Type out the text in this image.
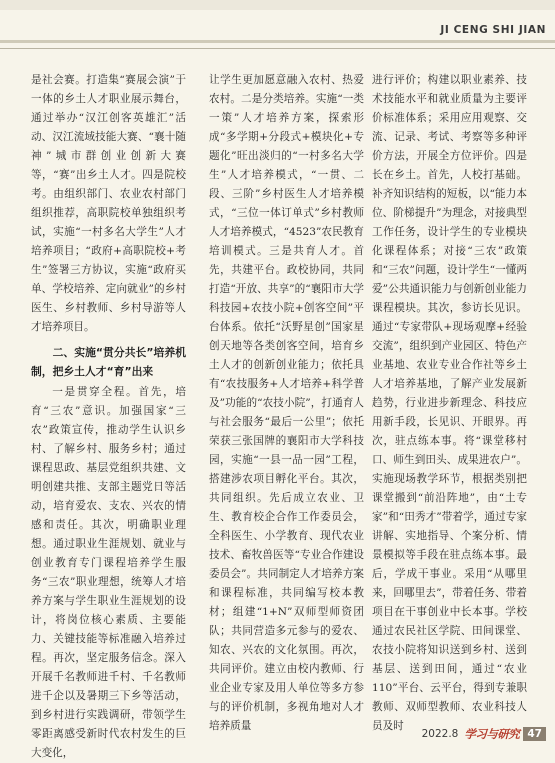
JI CENG SHI JIAN

是社会赛。打造集“赛展会演”于一体的乡土人才职业展示舞台，通过举办“汉江创客英雄汇”活动、汉江流域技能大赛、“襄十随神”城市群创业创新大赛等，“赛”出乡土人才。四是院校考。由组织部门、农业农村部门组织推荐，高职院校单独组织考试，实施“一村多名大学生”人才培养项目；“政府+高职院校+考生”签署三方协议，实施“政府买单、学校培养、定向就业”的乡村医生、乡村教师、乡村导游等人才培养项目。

二、实施“贯分共长”培养机制，把乡土人才“育”出来

一是贯穿全程。首先，培育“三农”意识。加强国家“三农”政策宣传，推动学生认识乡村、了解乡村、服务乡村；通过课程思政、基层党组织共建、文明创建共推、支部主题党日等活动，培育爱农、支农、兴农的情感和责任。其次，明确职业理想。通过职业生涯规划、就业与创业教育专门课程培养学生服务“三农”职业理想，统筹人才培养方案与学生职业生涯规划的设计，将岗位核心素质、主要能力、关键技能等标准融入培养过程。再次，坚定服务信念。深入开展千名教师进千村、千名教师进千企以及暑期三下乡等活动，到乡村进行实践调研，带领学生零距离感受新时代农村发生的巨大变化，

让学生更加愿意融入农村、热爱农村。二是分类培养。实施“一类一策”人才培养方案，探索形成“多学期+分段式+模块化+专题化”旺出淡归的“一村多名大学生”人才培养模式，“一贯、二段、三阶”乡村医生人才培养模式，“三位一体订单式”乡村教师人才培养模式，“4523”农民教育培训模式。三是共育人才。首先，共建平台。政校协同，共同打造“开放、共享”的“襄阳市大学科技园+农技小院+创客空间”平台体系。依托“沃野星创”国家星创天地等各类创客空间，培育乡土人才的创新创业能力；依托具有“农技服务+人才培养+科学普及”功能的“农技小院”，打通育人与社会服务“最后一公里”；依托荣获三张国牌的襄阳市大学科技园，实施“一县一品一园”工程，搭建涉农项目孵化平台。其次，共同组织。先后成立农业、卫生、教育校企合作工作委员会，全科医生、小学教育、现代农业技术、畜牧兽医等“专业合作建设委员会”。共同制定人才培养方案和课程标准，共同编写校本教材；组建“1+N”双师型师资团队；共同营造多元参与的爱农、知农、兴农的文化氛围。再次，共同评价。建立由校内教师、行业企业专家及用人单位等多方参与的评价机制，多视角地对人才培养质量

进行评价；构建以职业素养、技术技能水平和就业质量为主要评价标准体系；采用应用观察、交流、记录、考试、考察等多种评价方法，开展全方位评价。四是长在乡土。首先，人校打基础。补齐知识结构的短板，以“能力本位、阶梯提升”为理念，对接典型工作任务，设计学生的专业模块化课程体系；对接“三农”政策和“三农”问题，设计学生“一懂两爱”公共通识能力与创新创业能力课程模块。其次，参访长见识。通过“专家带队+现场观摩+经验交流”，组织到产业园区、特色产业基地、农业专业合作社等乡土人才培养基地，了解产业发展新趋势，行业进步新理念、科技应用新手段，长见识、开眼界。再次，驻点练本事。将“课堂移村口、师生到田头、成果进农户”。实施现场教学环节，根据类别把课堂搬到“前沿阵地”，由“土专家”和“田秀才”带着学，通过专家讲解、实地指导、个案分析、情景模拟等手段在驻点练本事。最后，学成干事业。采用“从哪里来，回哪里去”，带着任务、带着项目在干事创业中长本事。学校通过农民社区学院、田间课堂、农技小院将知识送到乡村、送到基层、送到田间，通过“农业110”平台、云平台，得到专兼职教师、双师型教师、农业科技人员及时

2022.8 学习与研究 47
